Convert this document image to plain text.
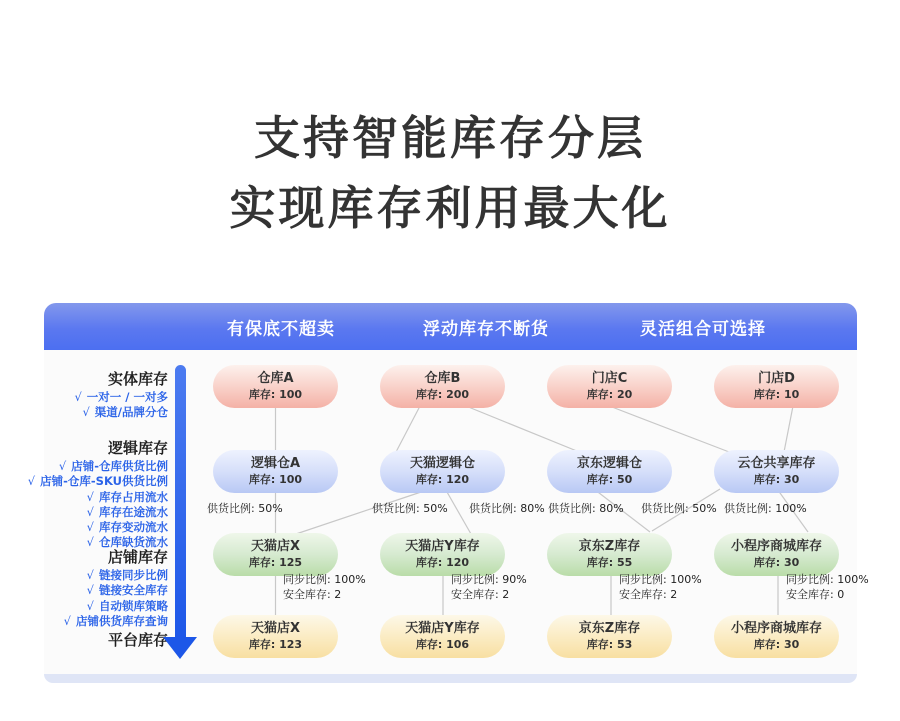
支持智能库存分层
实现库存利用最大化
有保底不超卖	浮动库存不断货	灵活组合可选择
实体库存
√ 一对一 / 一对多
√ 渠道/品牌分仓
逻辑库存
√ 店铺-仓库供货比例
√ 店铺-仓库-SKU供货比例
√ 库存占用流水
√ 库存在途流水
√ 库存变动流水
√ 仓库缺货流水
店铺库存
√ 链接同步比例
√ 链接安全库存
√ 自动锁库策略
√ 店铺供货库存查询
平台库存
仓库A
库存: 100
仓库B
库存: 200
门店C
库存: 20
门店D
库存: 10
逻辑仓A
库存: 100
天猫逻辑仓
库存: 120
京东逻辑仓
库存: 50
云仓共享库存
库存: 30
供货比例: 50%	供货比例: 50% 供货比例: 80% 供货比例: 80% 供货比例: 50% 供货比例: 100%
天猫店X
库存: 125
天猫店Y库存
库存: 120
京东Z库存
库存: 55
小程序商城库存
库存: 30
同步比例: 100%
安全库存: 2
同步比例: 90%
安全库存: 2
同步比例: 100%
安全库存: 2
同步比例: 100%
安全库存: 0
天猫店X
库存: 123
天猫店Y库存
库存: 106
京东Z库存
库存: 53
小程序商城库存
库存: 30
